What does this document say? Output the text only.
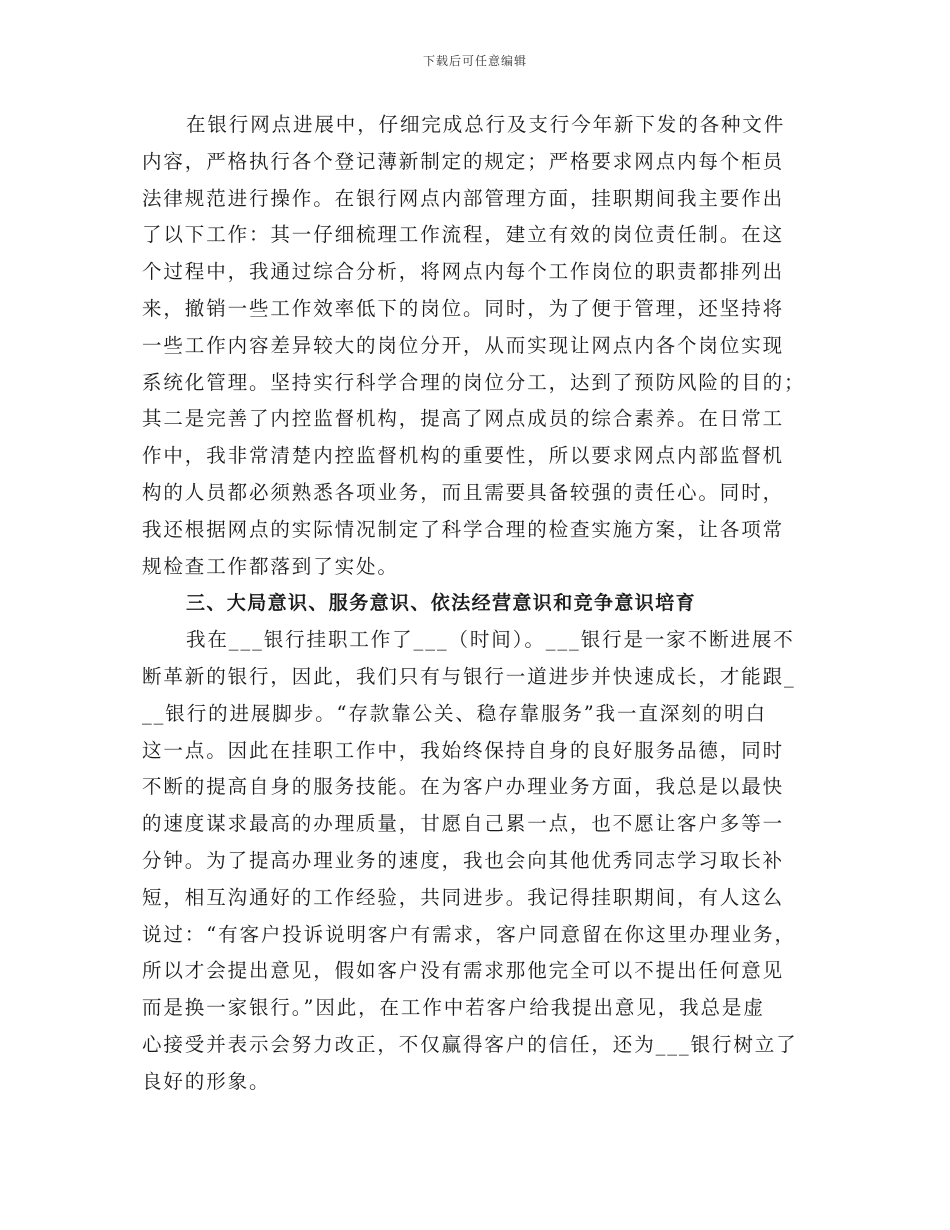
下载后可任意编辑
在银行网点进展中，仔细完成总行及支行今年新下发的各种文件
内容，严格执行各个登记薄新制定的规定；严格要求网点内每个柜员
法律规范进行操作。在银行网点内部管理方面，挂职期间我主要作出
了以下工作：其一仔细梳理工作流程，建立有效的岗位责任制。在这
个过程中，我通过综合分析，将网点内每个工作岗位的职责都排列出
来，撤销一些工作效率低下的岗位。同时，为了便于管理，还坚持将
一些工作内容差异较大的岗位分开，从而实现让网点内各个岗位实现
系统化管理。坚持实行科学合理的岗位分工，达到了预防风险的目的；
其二是完善了内控监督机构，提高了网点成员的综合素养。在日常工
作中，我非常清楚内控监督机构的重要性，所以要求网点内部监督机
构的人员都必须熟悉各项业务，而且需要具备较强的责任心。同时，
我还根据网点的实际情况制定了科学合理的检查实施方案，让各项常
规检查工作都落到了实处。
三、大局意识、服务意识、依法经营意识和竞争意识培育
我在___银行挂职工作了___（时间）。___银行是一家不断进展不
断革新的银行，因此，我们只有与银行一道进步并快速成长，才能跟_
__银行的进展脚步。“存款靠公关、稳存靠服务”我一直深刻的明白
这一点。因此在挂职工作中，我始终保持自身的良好服务品德，同时
不断的提高自身的服务技能。在为客户办理业务方面，我总是以最快
的速度谋求最高的办理质量，甘愿自己累一点，也不愿让客户多等一
分钟。为了提高办理业务的速度，我也会向其他优秀同志学习取长补
短，相互沟通好的工作经验，共同进步。我记得挂职期间，有人这么
说过：“有客户投诉说明客户有需求，客户同意留在你这里办理业务，
所以才会提出意见，假如客户没有需求那他完全可以不提出任何意见
而是换一家银行。”因此，在工作中若客户给我提出意见，我总是虚
心接受并表示会努力改正，不仅赢得客户的信任，还为___银行树立了
良好的形象。
